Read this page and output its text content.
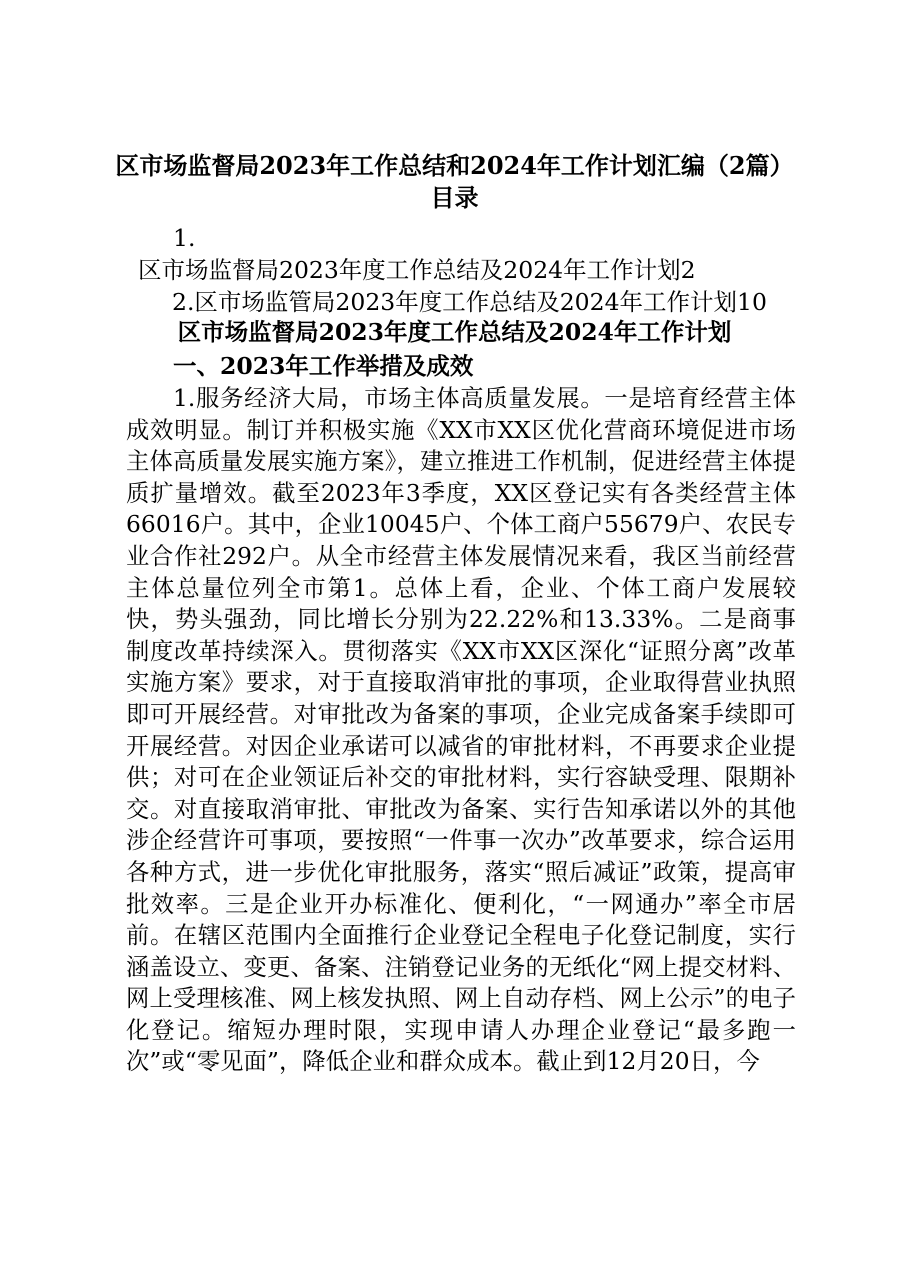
区市场监督局2023年工作总结和2024年工作计划汇编（2篇）
目录
1.
区市场监督局2023年度工作总结及2024年工作计划2
2.区市场监管局2023年度工作总结及2024年工作计划10
区市场监督局2023年度工作总结及2024年工作计划
一、2023年工作举措及成效
1.服务经济大局，市场主体高质量发展。一是培育经营主体成效明显。制订并积极实施《XX市XX区优化营商环境促进市场主体高质量发展实施方案》，建立推进工作机制，促进经营主体提质扩量增效。截至2023年3季度，XX区登记实有各类经营主体66016户。其中，企业10045户、个体工商户55679户、农民专业合作社292户。从全市经营主体发展情况来看，我区当前经营主体总量位列全市第1。总体上看，企业、个体工商户发展较快，势头强劲，同比增长分别为22.22%和13.33%。二是商事制度改革持续深入。贯彻落实《XX市XX区深化“证照分离”改革实施方案》要求，对于直接取消审批的事项，企业取得营业执照即可开展经营。对审批改为备案的事项，企业完成备案手续即可开展经营。对因企业承诺可以减省的审批材料，不再要求企业提供；对可在企业领证后补交的审批材料，实行容缺受理、限期补交。对直接取消审批、审批改为备案、实行告知承诺以外的其他涉企经营许可事项，要按照“一件事一次办”改革要求，综合运用各种方式，进一步优化审批服务，落实“照后减证”政策，提高审批效率。三是企业开办标准化、便利化，“一网通办”率全市居前。在辖区范围内全面推行企业登记全程电子化登记制度，实行涵盖设立、变更、备案、注销登记业务的无纸化“网上提交材料、网上受理核准、网上核发执照、网上自动存档、网上公示”的电子化登记。缩短办理时限，实现申请人办理企业登记“最多跑一次”或“零见面”，降低企业和群众成本。截止到12月20日，今
